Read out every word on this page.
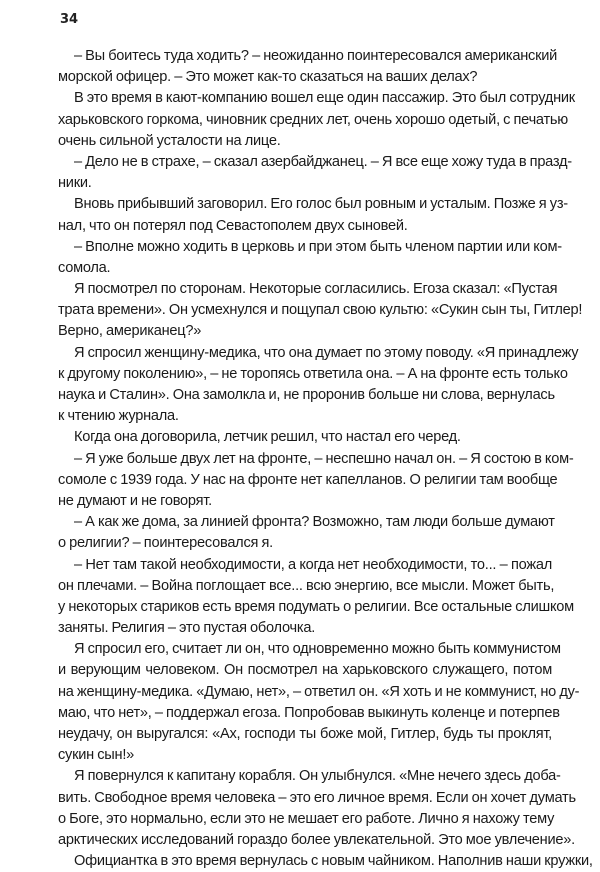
34
– Вы боитесь туда ходить? – неожиданно поинтересовался американский
морской офицер. – Это может как-то сказаться на ваших делах?
В это время в кают-компанию вошел еще один пассажир. Это был сотрудник
харьковского горкома, чиновник средних лет, очень хорошо одетый, с печатью
очень сильной усталости на лице.
– Дело не в страхе, – сказал азербайджанец. – Я все еще хожу туда в празд-
ники.
Вновь прибывший заговорил. Его голос был ровным и усталым. Позже я уз-
нал, что он потерял под Севастополем двух сыновей.
– Вполне можно ходить в церковь и при этом быть членом партии или ком-
сомола.
Я посмотрел по сторонам. Некоторые согласились. Егоза сказал: «Пустая
трата времени». Он усмехнулся и пощупал свою культю: «Сукин сын ты, Гитлер!
Верно, американец?»
Я спросил женщину-медика, что она думает по этому поводу. «Я принадлежу
к другому поколению», – не торопясь ответила она. – А на фронте есть только
наука и Сталин». Она замолкла и, не проронив больше ни слова, вернулась
к чтению журнала.
Когда она договорила, летчик решил, что настал его черед.
– Я уже больше двух лет на фронте, – неспешно начал он. – Я состою в ком-
сомоле с 1939 года. У нас на фронте нет капелланов. О религии там вообще
не думают и не говорят.
– А как же дома, за линией фронта? Возможно, там люди больше думают
о религии? – поинтересовался я.
– Нет там такой необходимости, а когда нет необходимости, то... – пожал
он плечами. – Война поглощает все... всю энергию, все мысли. Может быть,
у некоторых стариков есть время подумать о религии. Все остальные слишком
заняты. Религия – это пустая оболочка.
Я спросил его, считает ли он, что одновременно можно быть коммунистом
и верующим человеком. Он посмотрел на харьковского служащего, потом
на женщину-медика. «Думаю, нет», – ответил он. «Я хоть и не коммунист, но ду-
маю, что нет», – поддержал егоза. Попробовав выкинуть коленце и потерпев
неудачу, он выругался: «Ах, господи ты боже мой, Гитлер, будь ты проклят,
сукин сын!»
Я повернулся к капитану корабля. Он улыбнулся. «Мне нечего здесь доба-
вить. Свободное время человека – это его личное время. Если он хочет думать
о Боге, это нормально, если это не мешает его работе. Лично я нахожу тему
арктических исследований гораздо более увлекательной. Это мое увлечение».
Официантка в это время вернулась с новым чайником. Наполнив наши кружки,
